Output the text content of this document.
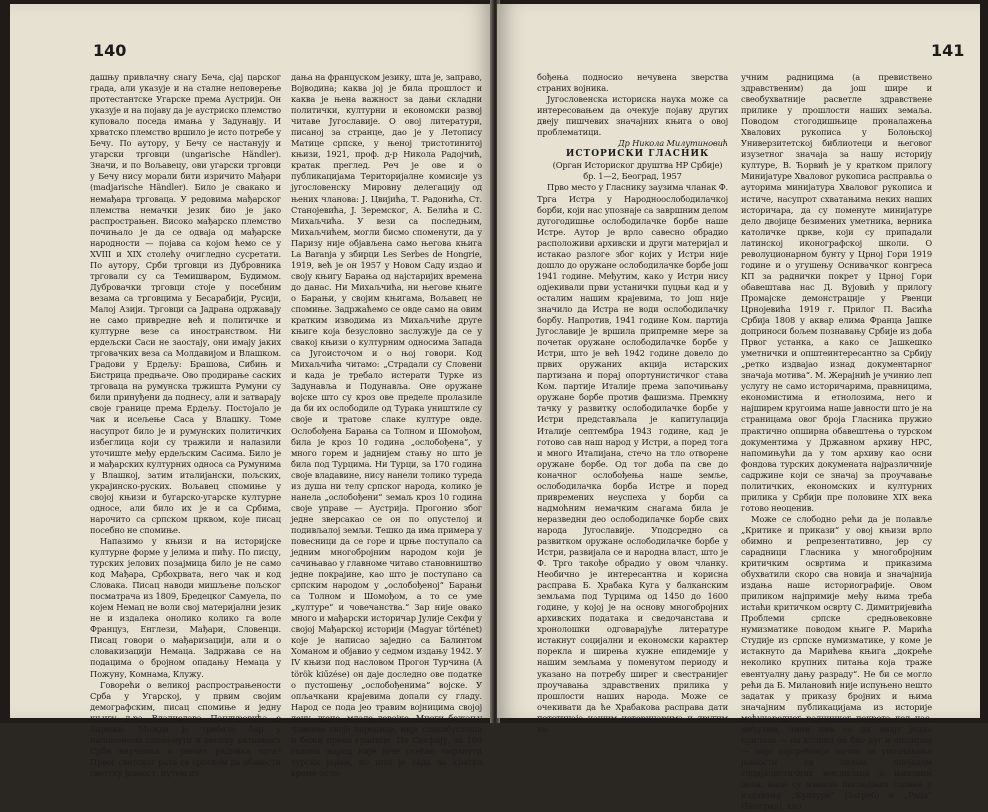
140

дашњу привлачну снагу Беча, сјај царског града, али указује и на сталне неповерење протестантске Угарске према Аустрији. Он указује и на појаву да је аустриско племство куповало поседа имања у Задунавју. И хрватско племство вршило је исто потребе у Бечу. По аутору, у Бечу се настанују и угарски трговци (ungarische Händler). Значи, и по Вољавецу, ови угарски трговци у Бечу нису морали бити изричито Мађари (madjarische Händler). Било је свакако и немађара трговаца. У редовима мађарског племства немачки језик био је јако распрострањен. Високо мађарско племство почињало је да се одваја од мађарске народности — појава са којом ћемо се у XVIII и XIX столећу очигледно сусретати. По аутору, Срби трговци из Дубровника трговали су са Темишваром, Будимом. Дубровачки трговци стоје у посебним везама са трговцима у Бесарабији, Русији, Малој Азији. Трговци са Јадрана одржавају не само привредне већ и политичке и културне везе са иностранством. Ни ердељски Саси не заостају, они имају јаких трговачких веза са Молдавијом и Влашком. Градови у Ердељу: Брашова, Сибињ и Бистрица предњаче. Ово продирање саских трговаца на румунска тржишта Румуни су били принуђени да поднесу, али и затварају своје границе према Ердељу. Постојало је чак и исељење Саса у Влашку. Томе насупрот било је и румунских политичких избеглица који су тражили и налазили уточиште међу ердељским Сасима. Било је и мађарских културних односа са Румунима у Влашкој, затим италијански, пољских, украјинско-руских. Вољавец спомиње у својој књизи и бугарско-угарске културне односе, али било их је и са Србима, нарочито са српском црквом, које писац посебно не спомиње.

Напазимо у књизи и на историјске културне форме у јелима и пићу. По писцу, турских јелових позајмица било је не само код Мађара, Србохрвата, него чак и код Словака. Писац наводи мишљење пољског посматрача из 1809, Бредецког Самуела, по којем Немац не воли свој материјални језик не и издалека онолико колико га воле Француз, Енглези, Мађари, Словенци. Писац говори о мађаризацији, али и о словакизацији Немаца. Задржава се на подацима о бројном опадању Немаца у Пожуну, Комнама, Клужу.

Говорећи о великој распрострањености Срба у Угарској, у првим својим демографским, писац спомиње и једну књигу д-ра Владислава Пандуровића о Барањи. Можда је требало бар у напоменама споменути и велику активност Срба научника и јавних радника тога? Првог светског рата са српском да обавести светску јавност, путем из-

дања на француском језику, шта је, заправо, Војводина; каква јој је била прошлост и каква је њена важност за дањи складни политички, културни и економски развој читаве Југославије. О овој литератури, писаној за странце, дао је у Летопису Матице српске, у њеној тристотинитој књизи, 1921, проф. д-р Никола Радојчић, кратак преглед. Реч је ове и о публикацијама Територијалне комисије уз југословенску Мировну делегацију од њених чланова: Ј. Цвијића, Т. Радонића, Ст. Станојевића, J. Зеремског, А. Белића и С. Михаљчића. У вези са последњим, Михаљчићем, могли бисмо споменути, да у Паризу није објављена само његова књига La Baranja у збирци Les Serbes de Hongrie, 1919, већ је он 1957 у Новом Саду издао и своју књигу Барања од најстаријих времена до данас. Ни Михаљчића, ни његове књиге о Барањи, у својим књигама, Вољавец не спомиње. Задржаћемо се овде само на овим кратким изводима из Михаљчиће друге књиге која безусловно заслужује да се у свакој књизи о културним односима Запада са Југоисточом и о њој говори. Код Михаљчића читамо: „Страдали су Словени и када је требало истерати Турке из Задунавља и Подунавља. Оне оружане војске што су кроз ове пределе пролазиле да би их ослободиле од Турака уништиле су своје и тратове слаке културе овде. Ослобођена Барања са Толном и Шомођом, била је кроз 10 година „ослобођена“, у много горем и јаднијем стању но што је била под Турцима. Ни Турци, за 170 година своје владавине, нису нанели толико туреда из душа ни телу српског народа, колико је нанела „ослобођени“ земаљ кроз 10 година своје управе — Аустрија. Прогонио због једне зверсакао се он по опустелој и подивљалој земљи. Тешко да има примера у повесници да се горе и црње поступало са једним многобројним народом који је сачињавао у главноме читаво становништво једне покрајине, као што је поступано са српским народом у „ослобођеној“ Барањи са Толном и Шомођом, а то се уме „културе“ и човечанства.“ Зар није овако много и мађарски историчар Јулије Секфи у својој Мађарској историји (Magyar történet) које је написао заједно са Балинтом Хоманом и објавио у седмом издању 1942. У IV књизи под насловом Прогон Турчина (A török kiűzése) он даје доследно ове податке о пустошењу „ослобођенима“ војске. У опљачкани крајевима допали су гладу. Народ се пода јео травим војницима својој децу, жене, младе девојке. Многи бежању чланове своје породице, није слакобустоша и бежи преко границе. По Секфију, за 100 година народ није јаче осећао омрзнути турски јарам, но што је сада за кратко време осло-

141

бођења подносио нечувена зверства страних војника.

Југословенска историска наука може са интересовањем да очекује појаву других двеју пишчевих значајних књига о овој проблематици.

Др Никола Милутиновић

ИСТОРИСКИ ГЛАСНИК

(Орган Историског друштва НР Србије) бр. 1—2, Београд, 1957

Прво место у Гласнику заузима чланак Ф. Трга Истра у Народноослободилачкој борби, који нас упознаје са завршним делом дугогодишње ослободилачке борбе наше Истре. Аутор је врло савесно обрадио расположиви архивски и други материјал и истакао разлоге због којих у Истри није дошло до оружане ослободилачке борбе још 1941 године. Међутим, како у Истри нису одјекивали први устанички пуцњи кад и у осталим нашим крајевима, то још није значило да Истра не води ослободилачку борбу. Напротив, 1941 године Ком. партија Југославије је вршила припремне мере за почетак оружане ослободилачке борбе у Истри, што је већ 1942 године довело до првих оружаних акција истарских партизана и порај опортунистичког става Ком. партије Италије према започињању оружане борбе против фашизма. Премкну тачку у развитку ослободилачке борбе у Истри представљала је капитулација Италије септембра 1943 године, кад је готово сав наш народ у Истри, а поред тога и много Италијана, стечо на тло отворене оружане борбе. Од тог доба па све до коначног ослобођења наше земље, ослободилачка борба Истре и поред привремених неуспеха у борби са надмоћним немачким снагама била је неразведни део ослободилачке борбе свих народа Југославије. Уподсредно са развитком оружане ослободилачке борбе у Истри, развијала се и народна власт, што је Ф. Трго такође обрадио у овом чланку. Необично је интересантна и корисна расправа Б. Храбака Куга у балканским земљама под Турцима од 1450 до 1600 године, у којој је на основу многобројних архивских података и сведочанстава и хронолошки одговарајуће литературе истакнут социјални и економски карактер порекла и ширења кужне епидемије у нашим земљама у поменутом периоду и указано на потребу ширег и свестранијег проучавања здравствених прилика у прошлости наших народа. Може се очекивати да ће Храбакова расправа дати потстицаја нашим историчарима и другим на-

учним радницима (а превиствено здравственим) да још шире и свеобухватније расветле здравствене прилике у прошлости наших земаља. Поводом стогодишњице проналажења Хвалових рукописа у Болоњској Универзитетској библиотеци и његовог изузетног значаја за нашу историју културе, В. Ћорвић је у кратком прилогу Минијатуре Хваловог рукописа расправља о ауторима минијатура Хваловог рукописа и истиче, насупрот схватањима неких наших историчара, да су поменуте минијатуре дело двојице безимених уметника, верника католичке цркве, који су припадали латинској иконографској школи. О револуционарном бунту у Црној Гори 1919 године и о угушењу Оснивачког конгреса КП за раднички покрет у Црној Гори обавештава нас Д. Вујовић у прилогу Промајске демонстрације у Рвенци Црнојевића 1919 г. Прилог П. Васића Србија 1808 у аквар елима Франца Јашке доприноси бољем познавању Србије из доба Првог устанка, а како се Јашкешко уметнички и општеинтересантно за Србију „ретко издвајао изнад документарног значаја мотива“. М. Жерајнић је учинио леп услугу не само историчарима, правницима, економистима и етнолозима, него и најширем кругоима наше јавности што је на страницама овог броја Гласника пружио практично опширна обавештења о турском документима у Државном архиву НРС, напомињући да у том архиву као осни фондова турских докумената најразличније садржине који се значај за проучавање политичких, економских и културних прилика у Србији пре половине XIX века готово неоценив.

Може се слободно рећи да је полавље „Критике и прикази“ у овој књизи врло обимно и репрезентативно, јер су сарадници Гласника у многобројним критичким освртима и приказима обухватили скоро сва новија и значајнија издања наше историографије. Овом приликом најпримије међу њима треба истаћи критичком осврту С. Димитријевића Проблеми српске средњовековне нумизматике поводом књиге Р. Марића Студије из српске нумизматике, у коме је истакнуто да Марићева књига „докреће неколико крупних питања која траже евентуалну дању разраду“. Не би се могло рећи да Б. Милановић није испуњено нешто задатак у приказу бројних и њима значајним публикацијама из историје међународног радничког покрета код нас, међутим, чини нам се да онају једна прилаза — на колико он био дуг и опширан — није најсрећнији начин за упознавање јавности са целом плејадом социјалистичких мислилаца и њиховим дела, када су изашла последњих година у издавању „Културе“ (Загреб) и „Рада“ (Београд), као
